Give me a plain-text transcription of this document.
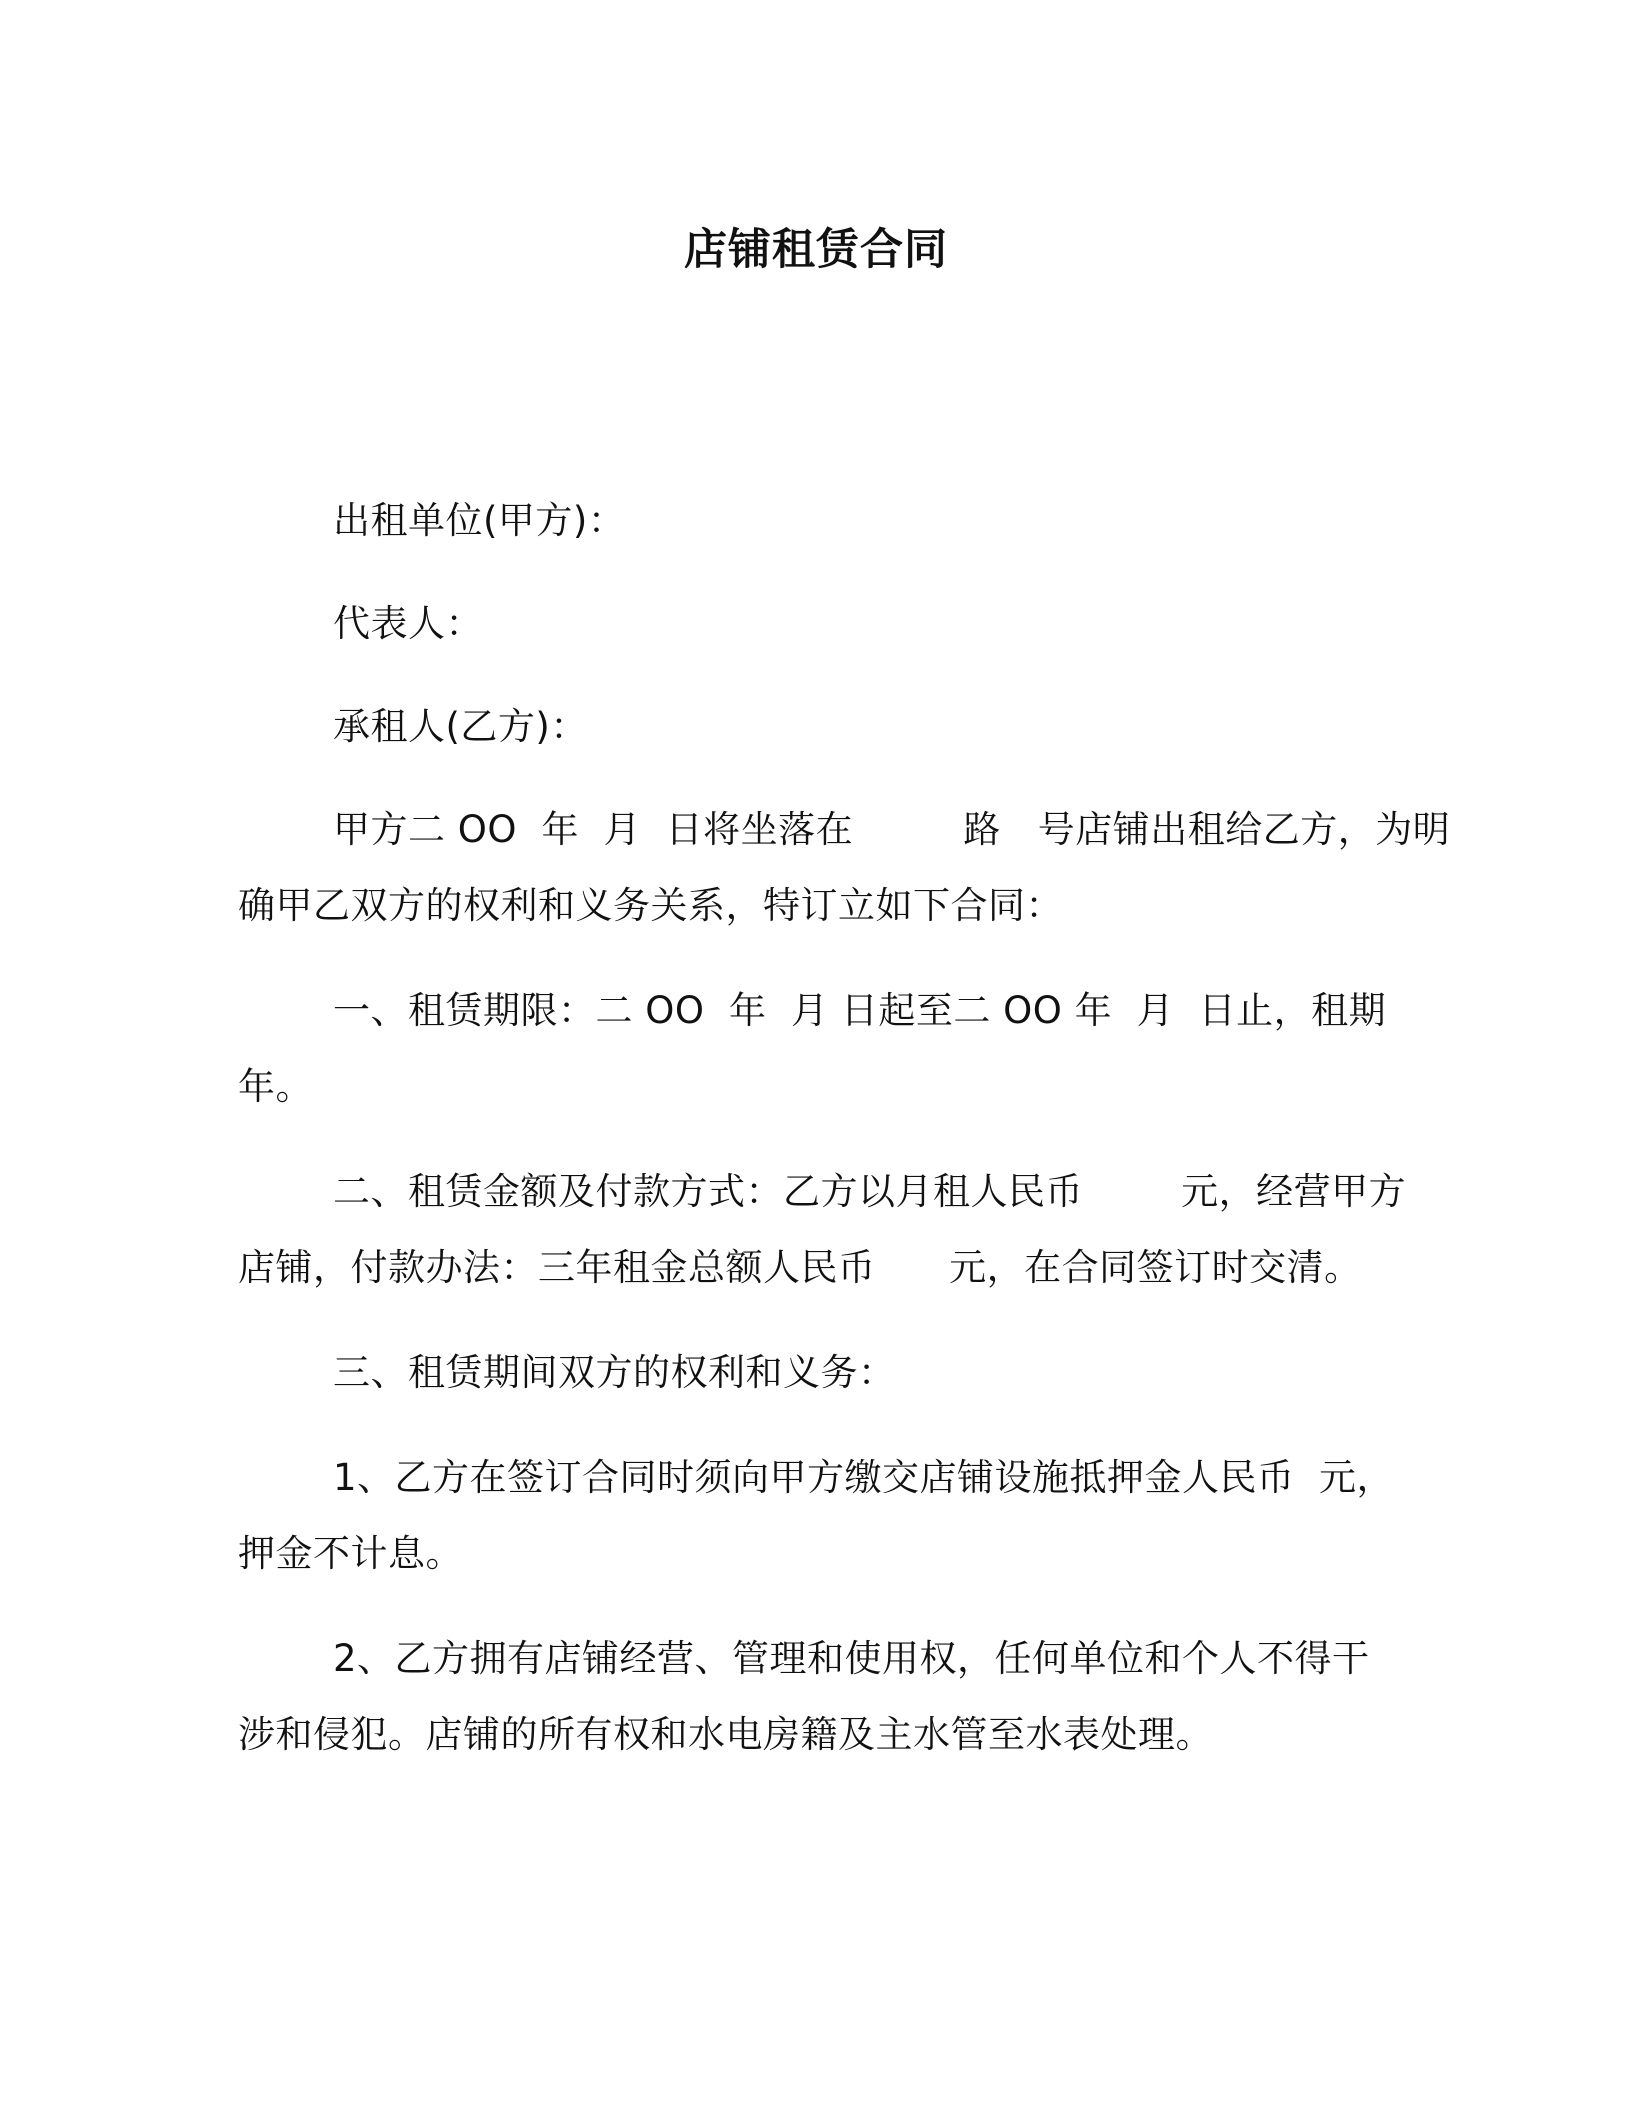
店铺租赁合同
出租单位(甲方)：
代表人：
承租人(乙方)：
甲方二 OO  年  月  日将坐落在         路   号店铺出租给乙方，为明
确甲乙双方的权利和义务关系，特订立如下合同：
一、租赁期限：二 OO  年  月 日起至二 OO 年  月  日止，租期
年。
二、租赁金额及付款方式：乙方以月租人民币        元，经营甲方
店铺，付款办法：三年租金总额人民币      元，在合同签订时交清。
三、租赁期间双方的权利和义务：
1、乙方在签订合同时须向甲方缴交店铺设施抵押金人民币  元，
押金不计息。
2、乙方拥有店铺经营、管理和使用权，任何单位和个人不得干
涉和侵犯。店铺的所有权和水电房籍及主水管至水表处理。
